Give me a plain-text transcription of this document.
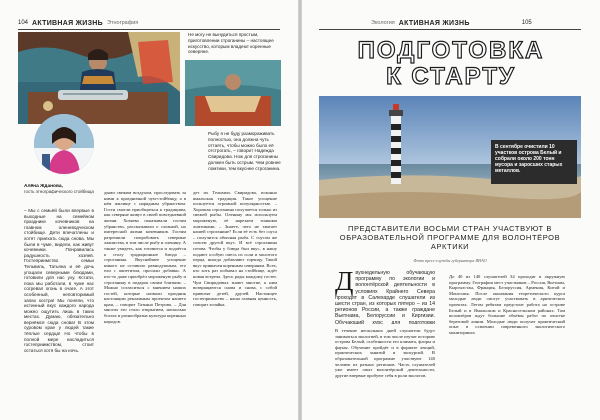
104 АКТИВНАЯ ЖИЗНЬ Этнография

Не могу не вынудиться простым, приготовлении строганины – настоящее искусство, которым владеют коренные северяне.

Рыбу я не буду размораживать полностью, она должна чуть оттаять, чтобы можно было её отстрогать, – говорит Надежда Свиридова. Нож для строганины должен быть острым. Чем ровнее ломтики, тем вкуснее строганина.

Алёна Жданова,

гость этнографического стойбища

– Мы с семьёй были впервые в выходные на семейном празднике кочевников на главном оленеводческом стойбище. Дети впечатлены и хотят приехать сюда снова. Мы были в чуме, видели, как живут кочевники. Понравилась радушность хозяев. Гостеприимство семьи Тельвиль, Татьяна и её дочь угощали северными блюдами, готовили для нас уху. Кстати, пока мы работали, в чуме нас согревал огонь в очаге. А этот особенный, неповторимый запах костра! Мы поняли, что истинный вкус каждого народа можно ощутить лишь в таких местах. Думаю, обязательно вернёмся сюда снова! В этом суровом крае у людей такие тёплые сердца! Но чтобы в полной мере насладиться гостеприимством, стоит остаться хотя бы на ночь.

дыми свежим воздухом, проследовать за ними к праздничной чум-стойбищу, а в нём жилище с нарядным убранством. Гости смогли приобщиться к традициям, как северяне живут в своей повседневной жизни. Хозяева показывали гостям убранство, рассказывали о сложной, но интересной жизни кочевников. Гостям разрешили попробовать северные лакомства, в том числе рыбу и оленину. А также увидеть, как готовится и подаётся к столу традиционное блюдо – строганина. Вкуснейшее угощение никого не оставило равнодушным, его ели с аппетитом, просили добавки. А кто-то даже приобрёл мороженую рыбу и строганину в подарок своим близким. – Можно согласиться с мнением наших гостей, которые назвали праздник настоящим рекламным проектом нашего края, – говорит Татьяна Петрова. – Для многих это стало открытием, насколько богата и разнообразна культура коренных народов.

дет их Тельвиль Свиридова, исконно ямальская традиция. Такое угощение пользуется огромной популярностью. – Хорошая строганина получается только из свежей рыбы. Оленину мы используем мороженую, её нарезаем тонкими ломтиками. – Знаете, чего не хватает нашей строганине? Если её есть без соуса – получится обычная рыба. С соусом же совсем другой вкус. И всё строганина готова. Чтобы у блюда был вкус, в нашу подают особую смесь из соли и молотого перца, иногда добавляют горчицу. Такой вкус привычен коренным северянам. Всех, кто хоть раз побывал на стойбище, ждёт новая встреча. Здесь рады каждому гостю. Чум Свиридовых знают многие, к ним возвращаются снова и снова, с собой привозят детей, друзей. Настоящее гостеприимство – наша главная ценность, говорит хозяйка.

Экология АКТИВНАЯ ЖИЗНЬ	105
ПОДГОТОВКА
К СТАРТУ
В сентябре очистили 10 участков острова Белый и собрали около 200 тонн мусора и заросших старых металлов.
ПРЕДСТАВИТЕЛИ ВОСЬМИ СТРАН УЧАСТВУЮТ В ОБРАЗОВАТЕЛЬНОЙ ПРОГРАММЕ ДЛЯ ВОЛОНТЁРОВ АРКТИКИ
Фото пресс-службы губернатора ЯНАО
Д вухнедельную обучающую программу по экологии и волонтёрской деятельности в условиях Крайнего Севера проходят в Салехарде слушатели из шести стран, из которых пятеро – из 14 регионов России, а также граждане Вьетнама, Белоруссии и Киргизии. Обучающий курс для подготовки

В течение нескольких дней слушатели будут заниматься экологией, в том числе изучат историю острова Белый, особенности его климата, флоры и фауны. Обучение пройдёт и в формате лекций, практических занятий и экскурсий. В образовательной программе участвуют 140 человек из разных регионов. Часть слушателей уже имеет опыт волонтёрской деятельности, другие впервые пробуют себя в роли экологов.

До 40 из 140 слушателей 34 проходят в окружную программу. География мест участников – Россия, Вьетнам, Кыргызстан, Франция, Белоруссия, Армения, Китай и Монголия. После окончания теоретического курса молодые люди смогут участвовать в арктических проектах. Летом ребятам предстоит работа на острове Белый и в Ямальском и Красносельском районах. Там волонтёров ждут большие объёмы работ по очистке береговой линии. Молодые люди получат практический опыт в освоении современного экологического мониторинга.
